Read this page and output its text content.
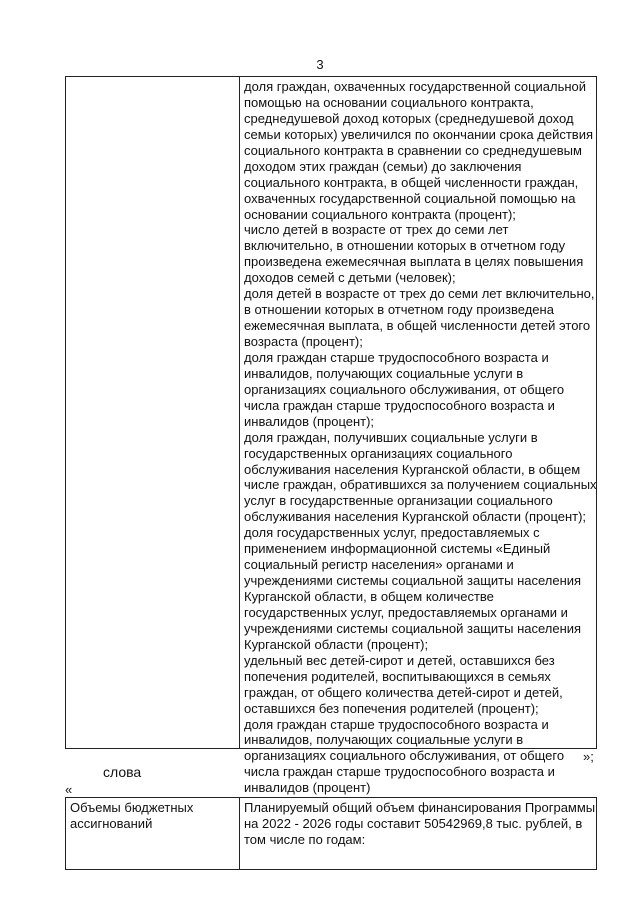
3
доля граждан, охваченных государственной социальной
помощью на основании социального контракта,
среднедушевой доход которых (среднедушевой доход
семьи которых) увеличился по окончании срока действия
социального контракта в сравнении со среднедушевым
доходом этих граждан (семьи) до заключения
социального контракта, в общей численности граждан,
охваченных государственной социальной помощью на
основании социального контракта (процент);
число детей в возрасте от трех до семи лет
включительно, в отношении которых в отчетном году
произведена ежемесячная выплата в целях повышения
доходов семей с детьми (человек);
доля детей в возрасте от трех до семи лет включительно,
в отношении которых в отчетном году произведена
ежемесячная выплата, в общей численности детей этого
возраста (процент);
доля граждан старше трудоспособного возраста и
инвалидов, получающих социальные услуги в
организациях социального обслуживания, от общего
числа граждан старше трудоспособного возраста и
инвалидов (процент);
доля граждан, получивших социальные услуги в
государственных организациях социального
обслуживания населения Курганской области, в общем
числе граждан, обратившихся за получением социальных
услуг в государственные организации социального
обслуживания населения Курганской области (процент);
доля государственных услуг, предоставляемых с
применением информационной системы «Единый
социальный регистр населения» органами и
учреждениями системы социальной защиты населения
Курганской области, в общем количестве
государственных услуг, предоставляемых органами и
учреждениями системы социальной защиты населения
Курганской области (процент);
удельный вес детей-сирот и детей, оставшихся без
попечения родителей, воспитывающихся в семьях
граждан, от общего количества детей-сирот и детей,
оставшихся без попечения родителей (процент);
доля граждан старше трудоспособного возраста и
инвалидов, получающих социальные услуги в
организациях социального обслуживания, от общего
числа граждан старше трудоспособного возраста и
инвалидов (процент)
»;
слова
«
Объемы бюджетных
ассигнований
Планируемый общий объем финансирования Программы
на 2022 - 2026 годы составит 50542969,8 тыс. рублей, в
том числе по годам:
